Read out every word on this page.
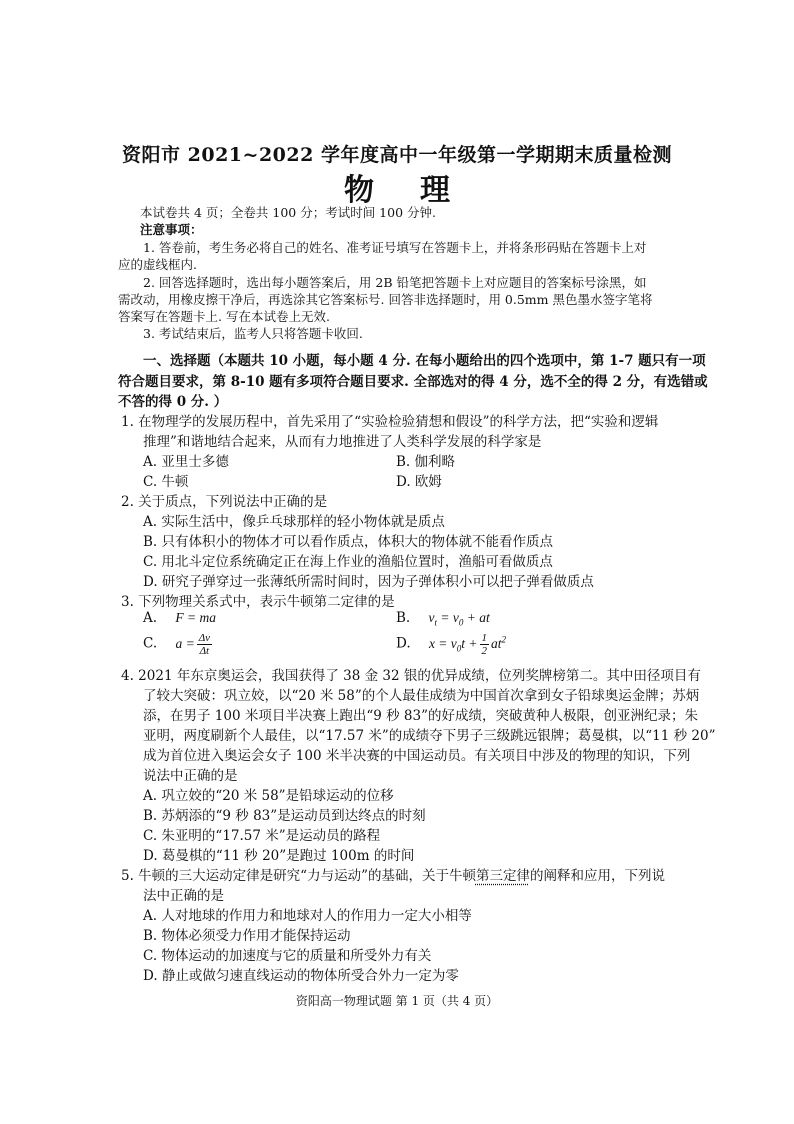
资阳市 2021~2022 学年度高中一年级第一学期期末质量检测
物理
本试卷共 4 页；全卷共 100 分；考试时间 100 分钟.
注意事项：
1. 答卷前，考生务必将自己的姓名、准考证号填写在答题卡上，并将条形码贴在答题卡上对
应的虚线框内.
2. 回答选择题时，选出每小题答案后，用 2B 铅笔把答题卡上对应题目的答案标号涂黑，如
需改动，用橡皮擦干净后，再选涂其它答案标号. 回答非选择题时，用 0.5mm 黑色墨水签字笔将
答案写在答题卡上. 写在本试卷上无效.
3. 考试结束后，监考人只将答题卡收回.
一、选择题（本题共 10 小题，每小题 4 分. 在每小题给出的四个选项中，第 1-7 题只有一项
符合题目要求，第 8-10 题有多项符合题目要求. 全部选对的得 4 分，选不全的得 2 分，有选错或
不答的得 0 分. ）
1. 在物理学的发展历程中，首先采用了“实验检验猜想和假设”的科学方法，把“实验和逻辑
推理”和谐地结合起来，从而有力地推进了人类科学发展的科学家是
A. 亚里士多德	B. 伽利略
C. 牛顿	D. 欧姆
2. 关于质点，下列说法中正确的是
A. 实际生活中，像乒乓球那样的轻小物体就是质点
B. 只有体积小的物体才可以看作质点，体积大的物体就不能看作质点
C. 用北斗定位系统确定正在海上作业的渔船位置时，渔船可看做质点
D. 研究子弹穿过一张薄纸所需时间时，因为子弹体积小可以把子弹看做质点
3. 下列物理关系式中，表示牛顿第二定律的是
A. F = ma	B. $v_t = v_0$ + at
C. $a = \frac{\Delta v}{\Delta t}$	D. $x = v_0t + \frac{1}{2} at^2$
4. 2021 年东京奥运会，我国获得了 38 金 32 银的优异成绩，位列奖牌榜第二。其中田径项目有
了较大突破：巩立姣，以“20 米 58”的个人最佳成绩为中国首次拿到女子铅球奥运金牌；苏炳
添，在男子 100 米项目半决赛上跑出“9 秒 83”的好成绩，突破黄种人极限，创亚洲纪录；朱
亚明，两度刷新个人最佳，以“17.57 米”的成绩夺下男子三级跳远银牌；葛曼棋，以“11 秒 20”
成为首位进入奥运会女子 100 米半决赛的中国运动员。有关项目中涉及的物理的知识，下列
说法中正确的是
A. 巩立姣的“20 米 58”是铅球运动的位移
B. 苏炳添的“9 秒 83”是运动员到达终点的时刻
C. 朱亚明的“17.57 米”是运动员的路程
D. 葛曼棋的“11 秒 20”是跑过 100m 的时间
5. 牛顿的三大运动定律是研究“力与运动”的基础，关于牛顿第三定律的阐释和应用，下列说
法中正确的是
A. 人对地球的作用力和地球对人的作用力一定大小相等
B. 物体必须受力作用才能保持运动
C. 物体运动的加速度与它的质量和所受外力有关
D. 静止或做匀速直线运动的物体所受合外力一定为零
资阳高一物理试题 第 1 页（共 4 页）
